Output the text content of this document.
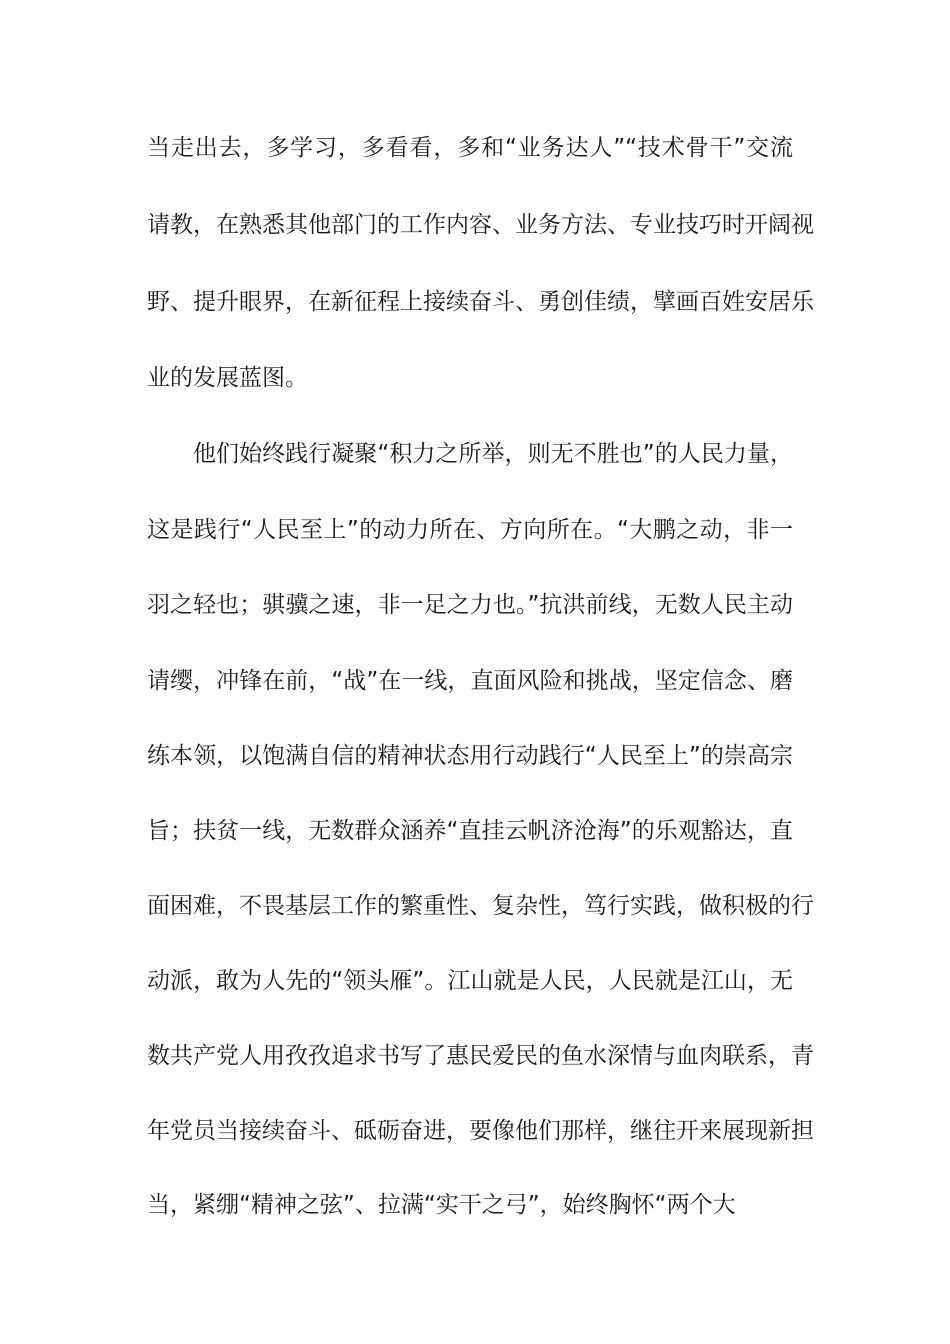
当走出去，多学习，多看看，多和“业务达人”“技术骨干”交流
请教，在熟悉其他部门的工作内容、业务方法、专业技巧时开阔视
野、提升眼界，在新征程上接续奋斗、勇创佳绩，擘画百姓安居乐
业的发展蓝图。
他们始终践行凝聚“积力之所举，则无不胜也”的人民力量，
这是践行“人民至上”的动力所在、方向所在。“大鹏之动，非一
羽之轻也；骐骥之速，非一足之力也。”抗洪前线，无数人民主动
请缨，冲锋在前，“战”在一线，直面风险和挑战，坚定信念、磨
练本领，以饱满自信的精神状态用行动践行“人民至上”的崇高宗
旨；扶贫一线，无数群众涵养“直挂云帆济沧海”的乐观豁达，直
面困难，不畏基层工作的繁重性、复杂性，笃行实践，做积极的行
动派，敢为人先的“领头雁”。江山就是人民，人民就是江山，无
数共产党人用孜孜追求书写了惠民爱民的鱼水深情与血肉联系，青
年党员当接续奋斗、砥砺奋进，要像他们那样，继往开来展现新担
当，紧绷“精神之弦”、拉满“实干之弓”，始终胸怀“两个大
